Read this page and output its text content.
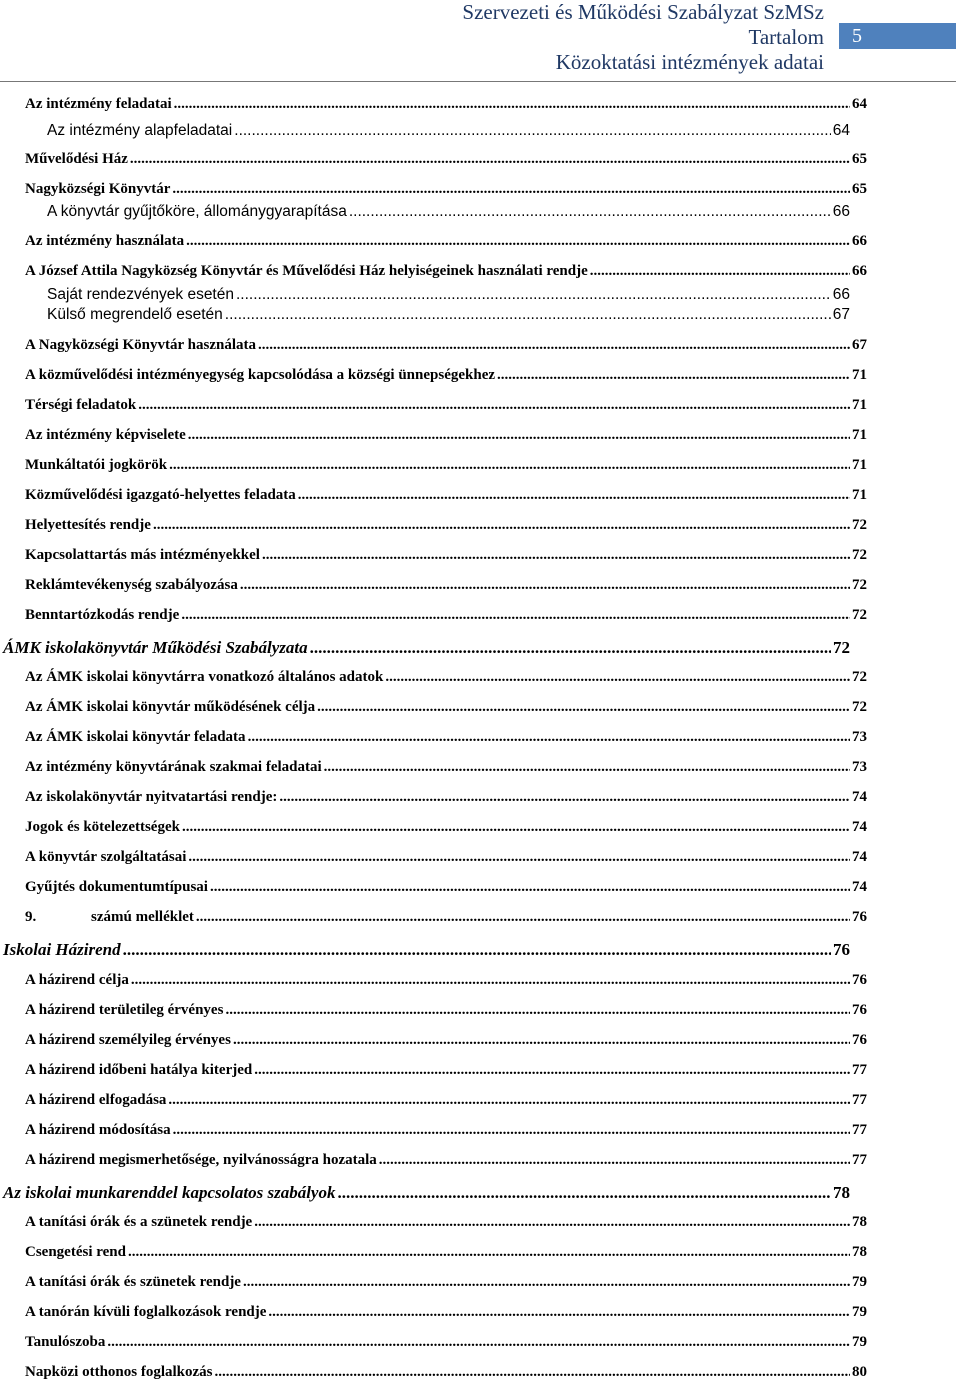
Szervezeti és Működési Szabályzat SzMSz
Tartalom
Közoktatási intézmények adatai
5
Az intézmény feladatai .....	64
Az intézmény alapfeladatai .....	64
Művelődési Ház .....	65
Nagyközségi Könyvtár .....	65
A könyvtár gyűjtőköre, állománygyarapítása .....	66
Az intézmény használata .....	66
A József Attila Nagyközség Könyvtár és Művelődési Ház helyiségeinek használati rendje .....	66
Saját rendezvények esetén .....	66
Külső megrendelő esetén .....	67
A Nagyközségi Könyvtár használata .....	67
A közművelődési intézményegység kapcsolódása a községi ünnepségekhez .....	71
Térségi feladatok .....	71
Az intézmény képviselete .....	71
Munkáltatói jogkörök .....	71
Közművelődési igazgató-helyettes feladata .....	71
Helyettesítés rendje .....	72
Kapcsolattartás más intézményekkel .....	72
Reklámtevékenység szabályozása .....	72
Benntartózkodás rendje .....	72
ÁMK iskolakönyvtár Működési Szabályzata .....	72
Az ÁMK iskolai könyvtárra vonatkozó általános adatok .....	72
Az ÁMK iskolai könyvtár működésének célja .....	72
Az ÁMK iskolai könyvtár feladata .....	73
Az intézmény könyvtárának szakmai feladatai .....	73
Az iskolakönyvtár nyitvatartási rendje: .....	74
Jogok és kötelezettségek .....	74
A könyvtár szolgáltatásai .....	74
Gyűjtés dokumentumtípusai .....	74
9.	számú melléklet .....	76
Iskolai Házirend .....	76
A házirend célja .....	76
A házirend területileg érvényes .....	76
A házirend személyileg érvényes .....	76
A házirend időbeni hatálya kiterjed .....	77
A házirend elfogadása .....	77
A házirend módosítása .....	77
A házirend megismerhetősége, nyilvánosságra hozatala .....	77
Az iskolai munkarenddel kapcsolatos szabályok .....	78
A tanítási órák és a szünetek rendje .....	78
Csengetési rend .....	78
A tanítási órák és szünetek rendje .....	79
A tanórán kívüli foglalkozások rendje .....	79
Tanulószoba .....	79
Napközi otthonos foglalkozás .....	80
